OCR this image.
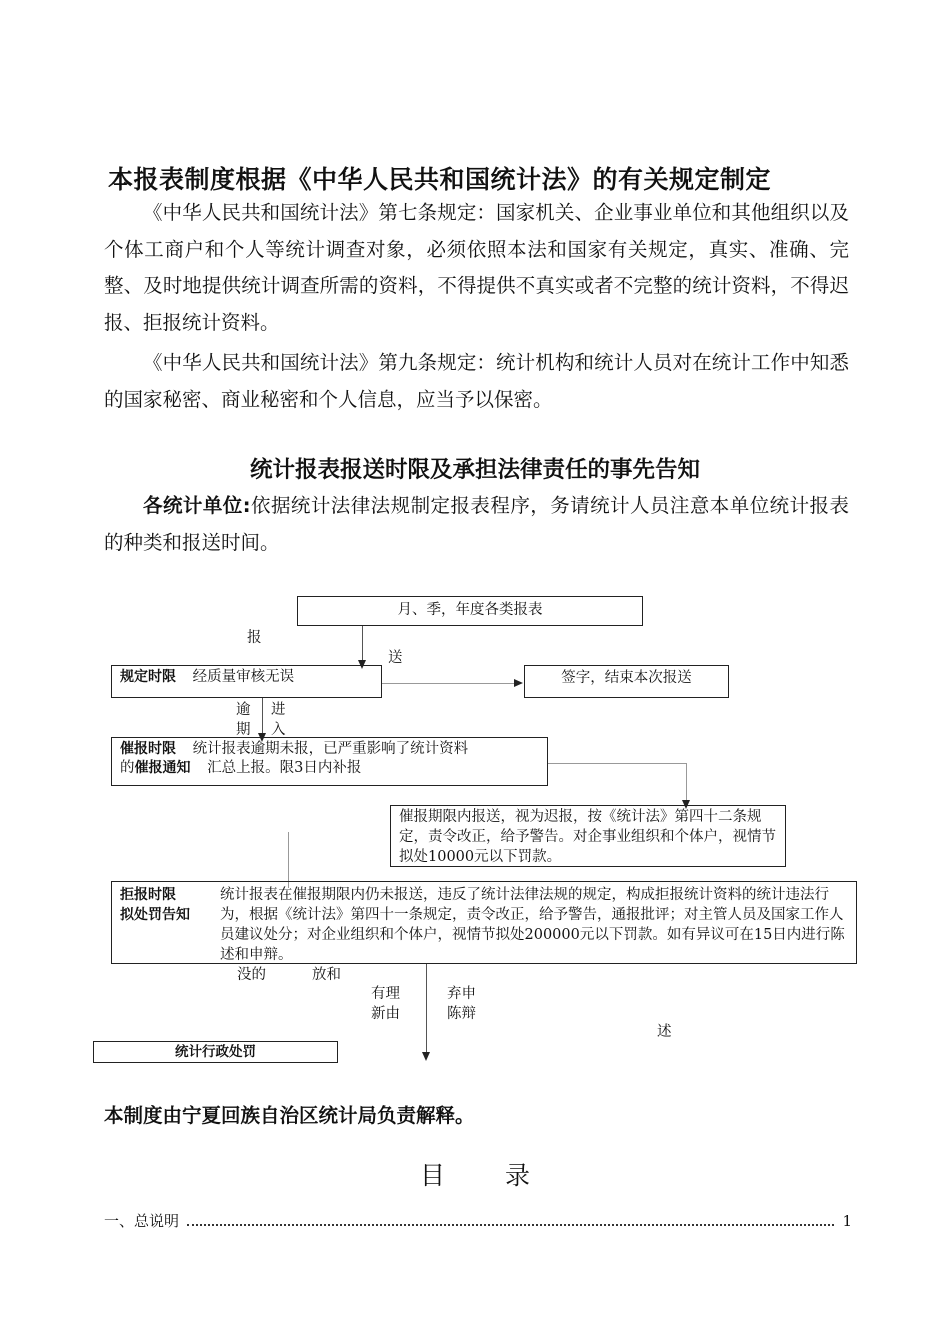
本报表制度根据《中华人民共和国统计法》的有关规定制定
《中华人民共和国统计法》第七条规定：国家机关、企业事业单位和其他组织以及个体工商户和个人等统计调查对象，必须依照本法和国家有关规定，真实、准确、完整、及时地提供统计调查所需的资料，不得提供不真实或者不完整的统计资料，不得迟报、拒报统计资料。
《中华人民共和国统计法》第九条规定：统计机构和统计人员对在统计工作中知悉的国家秘密、商业秘密和个人信息，应当予以保密。
统计报表报送时限及承担法律责任的事先告知
各统计单位:依据统计法律法规制定报表程序，务请统计人员注意本单位统计报表的种类和报送时间。
月、季，年度各类报表
报
送
规定时限 经质量审核无误	签字，结束本次报送
逾
期
进
入
催报时限 统计报表逾期未报，已严重影响了统计资料
的催报通知 汇总上报。限3日内补报
催报期限内报送，视为迟报，按《统计法》第四十二条规定，责令改正，给予警告。对企事业组织和个体户，视情节拟处10000元以下罚款。
拒报时限
拟处罚告知
统计报表在催报期限内仍未报送，违反了统计法律法规的规定，构成拒报统计资料的统计违法行为，根据《统计法》第四十一条规定，责令改正，给予警告，通报批评；对主管人员及国家工作人员建议处分；对企业组织和个体户，视情节拟处200000元以下罚款。如有异议可在15日内进行陈述和申辩。
没的	放和
有理
新由
弃申
陈辩
述
统计行政处罚
本制度由宁夏回族自治区统计局负责解释。
目录
一、总说明	1
